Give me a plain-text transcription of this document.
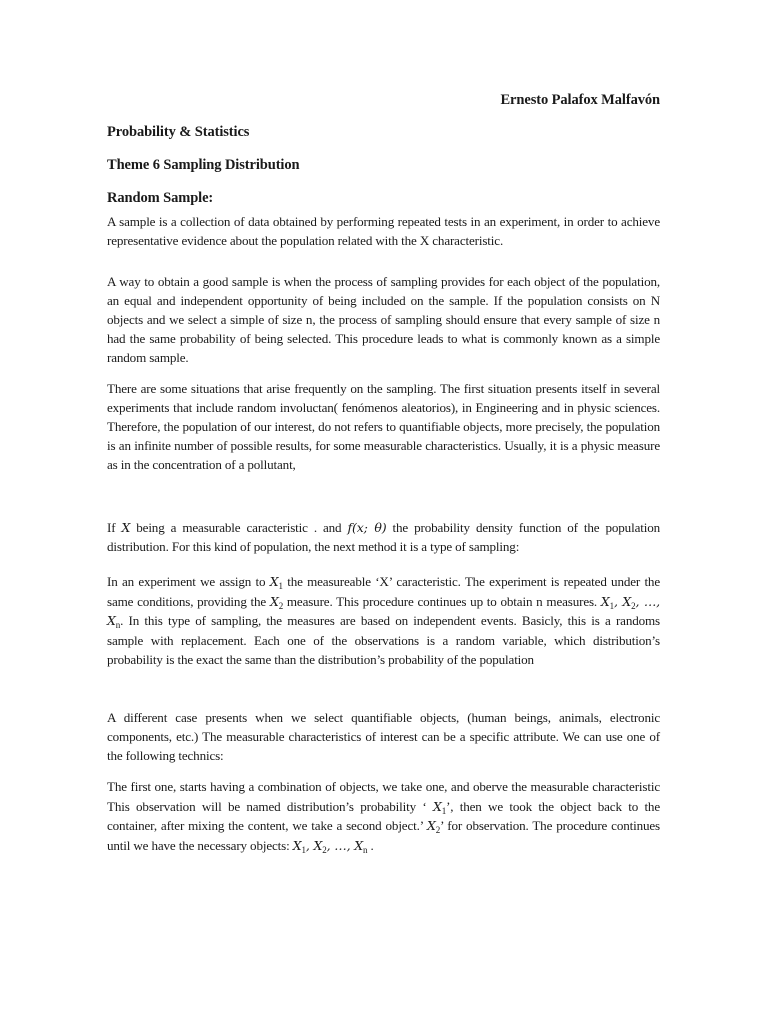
Ernesto Palafox Malfavón
Probability & Statistics
Theme 6 Sampling Distribution
Random Sample:

A sample is a collection of data obtained by performing repeated tests in an experiment, in order to achieve representative evidence about the population related with the X characteristic.

A way to obtain a good sample is when the process of sampling provides for each object of the population, an equal and independent opportunity of being included on the sample. If the population consists on N objects and we select a simple of size n, the process of sampling should ensure that every sample of size n had the same probability of being selected. This procedure leads to what is commonly known as a simple random sample.

There are some situations that arise frequently on the sampling. The first situation presents itself in several experiments that include random involuctan( fenómenos aleatorios), in Engineering and in physic sciences. Therefore, the population of our interest, do not refers to quantifiable objects, more precisely, the population is an infinite number of possible results, for some measurable characteristics. Usually, it is a physic measure as in the concentration of a pollutant,

If X being a measurable caracteristic . and f(x; θ) the probability density function of the population distribution. For this kind of population, the next method it is a type of sampling:

In an experiment we assign to $X_1$ the measureable ‘X’ caracteristic. The experiment is repeated under the same conditions, providing the $X_2$ measure. This procedure continues up to obtain n measures. $X_1$, $X_2$, …, $X_n$. In this type of sampling, the measures are based on independent events. Basicly, this is a randoms sample with replacement. Each one of the observations is a random variable, which distribution’s probability is the exact the same than the distribution’s probability of the population

A different case presents when we select quantifiable objects, (human beings, animals, electronic components, etc.) The measurable characteristics of interest can be a specific attribute. We can use one of the following technics:

The first one, starts having a combination of objects, we take one, and oberve the measurable characteristic This observation will be named distribution’s probability ‘ $X_1$’, then we took the object back to the container, after mixing the content, we take a second object.’ $X_2$’ for observation. The procedure continues until we have the necessary objects: $X_1$, $X_2$, …, $X_n$ .
